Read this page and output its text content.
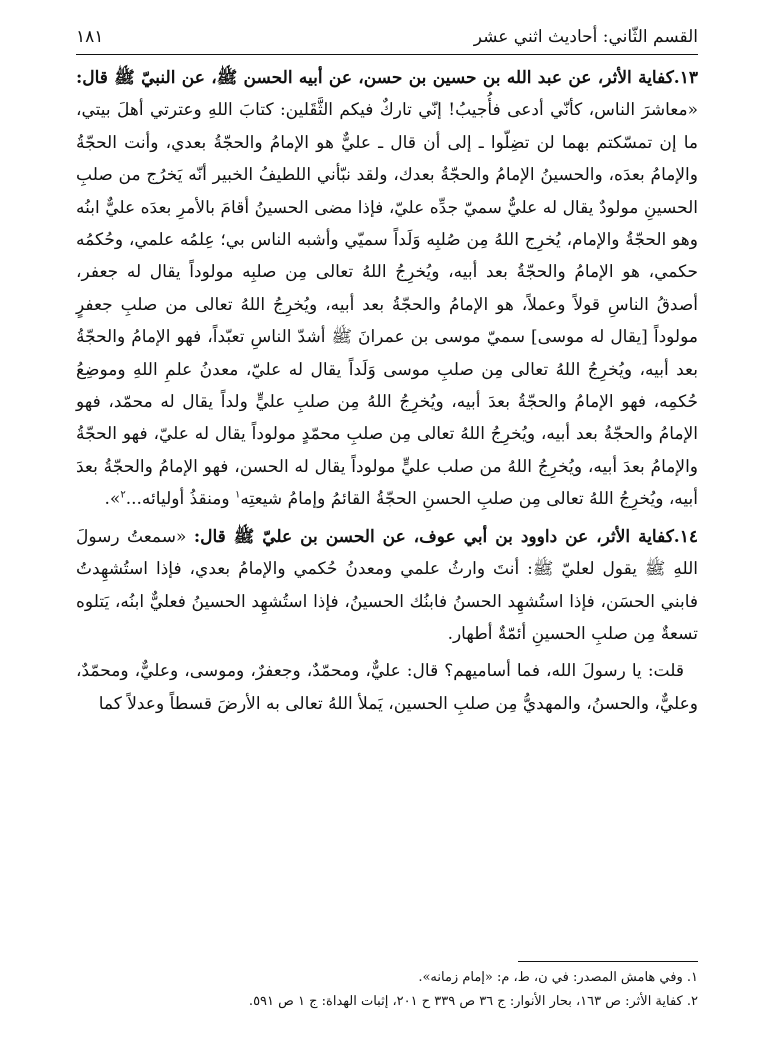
القسم الثّاني: أحاديث اثني عشر
١٨١

١٣.كفاية الأثر، عن عبد الله بن حسين بن حسن، عن أبيه الحسن ﷺ، عن النبيّ ﷺ قال: «معاشرَ الناس، كأنّي أدعى فأُجيبُ! إنّي تاركٌ فيكم الثَّقَلين: كتابَ اللهِ وعترتي أهلَ بيتي، ما إن تمسّكتم بهما لن تضِلّوا ـ إلى أن قال ـ عليٌّ هو الإمامُ والحجّةُ بعدي، وأنت الحجّةُ والإمامُ بعدَه، والحسينُ الإمامُ والحجّةُ بعدك، ولقد نبّأني اللطيفُ الخبير أنّه يَخرُج من صلبِ الحسينِ مولودٌ يقال له عليٌّ سميّ جدِّه عليّ، فإذا مضى الحسينُ أقامَ بالأمرِ بعدَه عليٌّ ابنُه وهو الحجّةُ والإمام، يُخرِج اللهُ مِن صُلبِه وَلَداً سميّي وأشبه الناس بي؛ عِلمُه علمي، وحُكمُه حكمي، هو الإمامُ والحجّةُ بعد أبيه، ويُخرِجُ اللهُ تعالى مِن صلبِه مولوداً يقال له جعفر، أصدقُ الناسِ قولاً وعملاً، هو الإمامُ والحجّةُ بعد أبيه، ويُخرِجُ اللهُ تعالى من صلبِ جعفرٍ مولوداً [يقال له موسى] سميّ موسى بن عمرانَ ﷺ أشدّ الناسِ تعبّداً، فهو الإمامُ والحجّةُ بعد أبيه، ويُخرِجُ اللهُ تعالى مِن صلبِ موسى وَلَداً يقال له عليّ، معدنُ علمِ اللهِ وموضِعُ حُكمِه، فهو الإمامُ والحجّةُ بعدَ أبيه، ويُخرِجُ اللهُ مِن صلبِ عليٍّ ولداً يقال له محمّد، فهو الإمامُ والحجّةُ بعد أبيه، ويُخرِجُ اللهُ تعالى مِن صلبِ محمّدٍ مولوداً يقال له عليّ، فهو الحجّةُ والإمامُ بعدَ أبيه، ويُخرِجُ اللهُ من صلب عليٍّ مولوداً يقال له الحسن، فهو الإمامُ والحجّةُ بعدَ أبيه، ويُخرِجُ اللهُ تعالى مِن صلبِ الحسنِ الحجّةُ القائمُ وإمامُ شيعتِه$^١$ ومنقذُ أوليائه...$^٢$».

١٤.كفاية الأثر، عن داوود بن أبي عوف، عن الحسن بن عليّ ﷺ قال: «سمعتُ رسولَ اللهِ ﷺ يقول لعليّ ﷺ: أنتَ وارثُ علمي ومعدنُ حُكمي والإمامُ بعدي، فإذا استُشهِدتُ فابني الحسَن، فإذا استُشهِد الحسنُ فابنُك الحسينُ، فإذا استُشهِد الحسينُ فعليٌّ ابنُه، يَتلوه تسعةٌ مِن صلبِ الحسينِ أئمّةٌ أطهار.

قلت: يا رسولَ الله، فما أساميهم؟ قال: عليٌّ، ومحمّدٌ، وجعفرٌ، وموسى، وعليٌّ، ومحمّدٌ، وعليٌّ، والحسنُ، والمهديُّ مِن صلبِ الحسين، يَملأ اللهُ تعالى به الأرضَ قسطاً وعدلاً كما

١. وفي هامش المصدر: في ن، ط، م: «إمام زمانه».

٢. كفاية الأثر: ص ١٦٣، بحار الأنوار: ج ٣٦ ص ٣٣٩ ح ٢٠١، إثبات الهداة: ج ١ ص ٥٩١.
